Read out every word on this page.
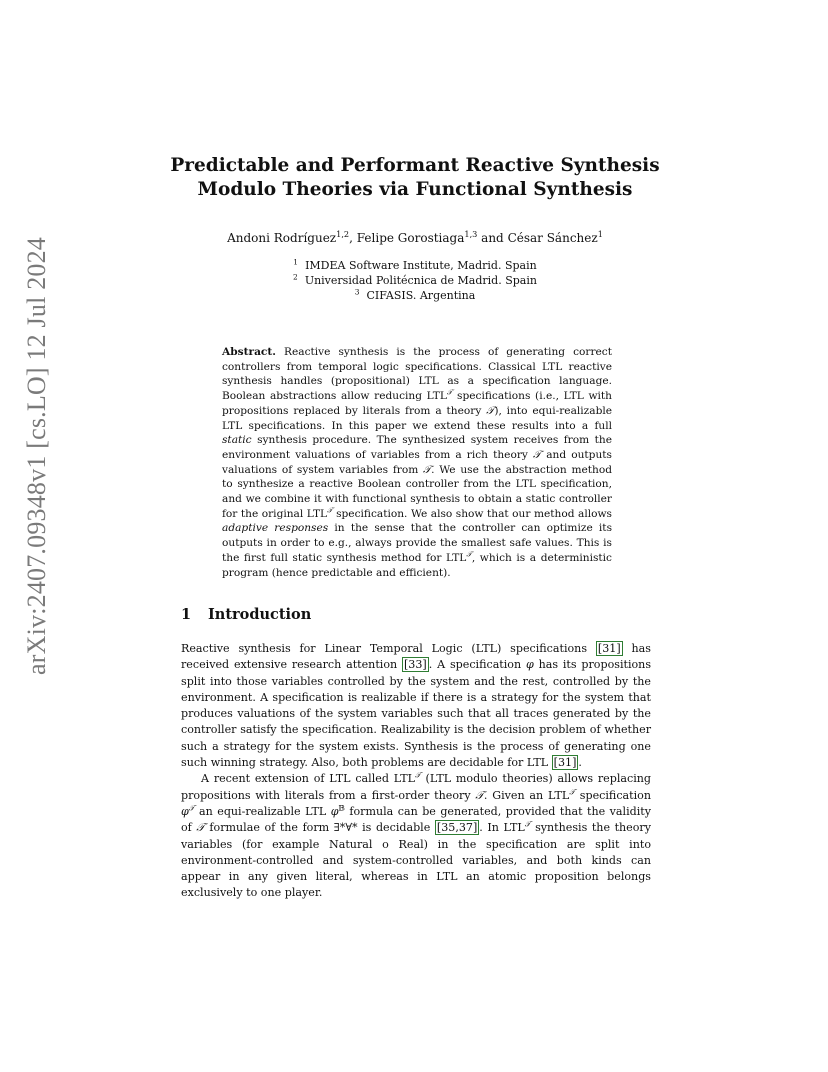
arXiv:2407.09348v1 [cs.LO] 12 Jul 2024
Predictable and Performant Reactive Synthesis
Modulo Theories via Functional Synthesis
Andoni Rodríguez$^{1,2}$, Felipe Gorostiaga$^{1,3}$ and César Sánchez$^1$
$^1$ IMDEA Software Institute, Madrid. Spain
$^2$ Universidad Politécnica de Madrid. Spain
$^3$ CIFASIS. Argentina
Abstract. Reactive synthesis is the process of generating correct controllers from temporal logic specifications. Classical LTL reactive synthesis handles (propositional) LTL as a specification language. Boolean abstractions allow reducing $LTL^𝒯$ specifications (i.e., LTL with propositions replaced by literals from a theory 𝒯), into equi-realizable LTL specifications. In this paper we extend these results into a full static synthesis procedure. The synthesized system receives from the environment valuations of variables from a rich theory 𝒯 and outputs valuations of system variables from 𝒯. We use the abstraction method to synthesize a reactive Boolean controller from the LTL specification, and we combine it with functional synthesis to obtain a static controller for the original $LTL^𝒯$ specification. We also show that our method allows adaptive responses in the sense that the controller can optimize its outputs in order to e.g., always provide the smallest safe values. This is the first full static synthesis method for $LTL^𝒯$, which is a deterministic program (hence predictable and efficient).
1 Introduction

Reactive synthesis for Linear Temporal Logic (LTL) specifications [31] has received extensive research attention [33] . A specification φ has its propositions split into those variables controlled by the system and the rest, controlled by the environment. A specification is realizable if there is a strategy for the system that produces valuations of the system variables such that all traces generated by the controller satisfy the specification. Realizability is the decision problem of whether such a strategy for the system exists. Synthesis is the process of generating one such winning strategy. Also, both problems are decidable for LTL [31] .

A recent extension of LTL called $LTL^𝒯$ (LTL modulo theories) allows replacing propositions with literals from a first-order theory 𝒯. Given an $LTL^𝒯$ specification $\varphi^𝒯$ an equi-realizable LTL $\varphi^𝔹$ formula can be generated, provided that the validity of 𝒯 formulae of the form ∃*∀* is decidable [35,37] . In $LTL^𝒯$ synthesis the theory variables (for example Natural o Real) in the specification are split into environment-controlled and system-controlled variables, and both kinds can appear in any given literal, whereas in LTL an atomic proposition belongs exclusively to one player.
